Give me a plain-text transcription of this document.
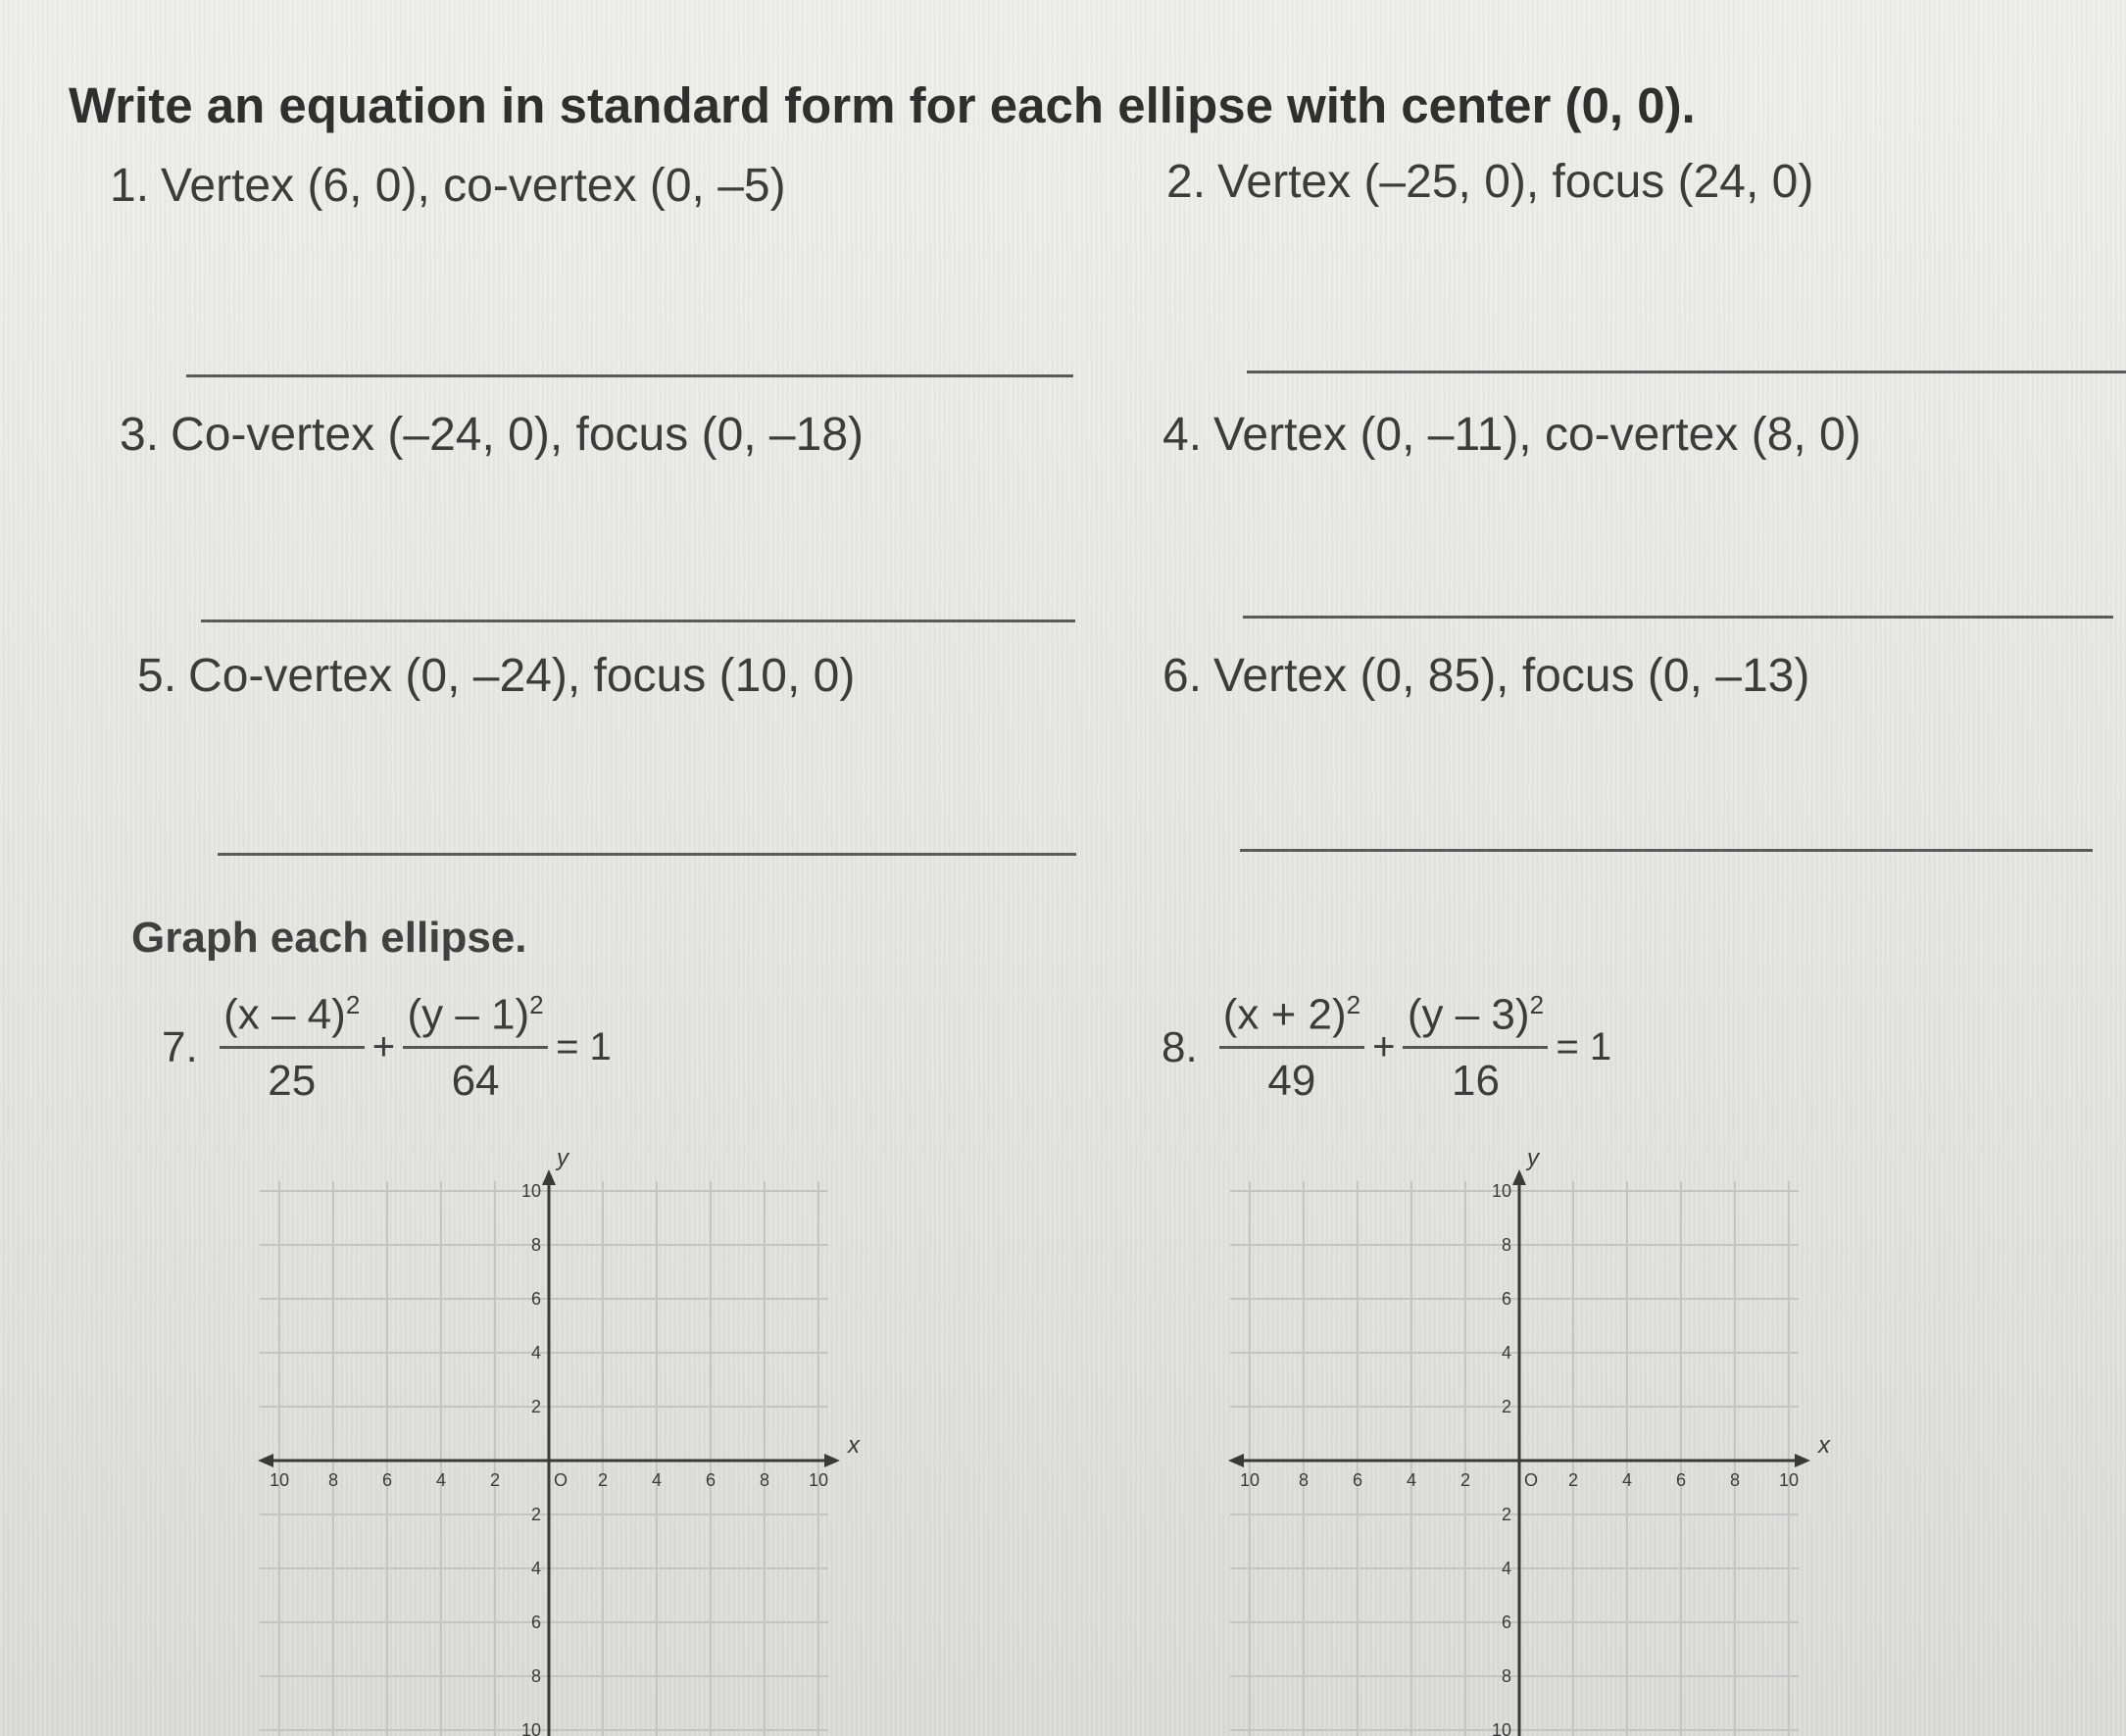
Write an equation in standard form for each ellipse with center (0, 0).
1. Vertex (6, 0), co-vertex (0, –5)	2. Vertex (–25, 0), focus (24, 0)
3. Co-vertex (–24, 0), focus (0, –18)	4. Vertex (0, –11), co-vertex (8, 0)
5. Co-vertex (0, –24), focus (10, 0)	6. Vertex (0, 85), focus (0, –13)
Graph each ellipse.
7. $\frac{(x - 4)^2}{25} + \frac{(y - 1)^2}{64} = 1$	8. $\frac{(x + 2)^2}{49} + \frac{(y - 3)^2}{16} = 1$
x
y
10 8 6 4 2	O 2 4 6 8 10
10
8
6
4
2
2
4
6
8
10
x
y
10 8 6 4 2	O 2 4 6 8 10
10
8
6
4
2
2
4
6
8
10
